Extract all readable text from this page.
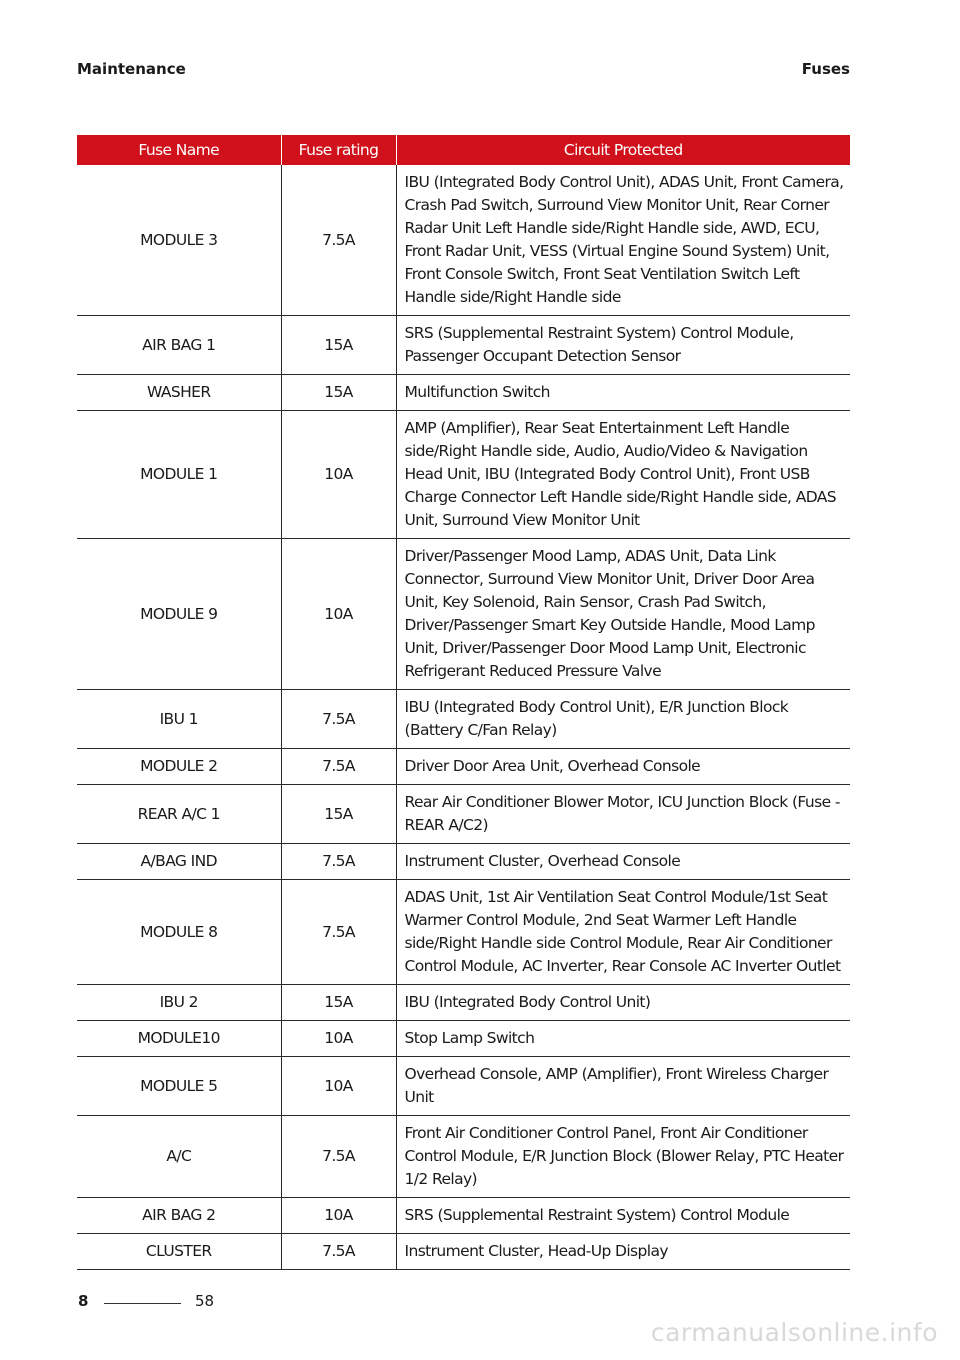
Maintenance	Fuses
Fuse Name	Fuse rating	Circuit Protected
MODULE 3	7.5A	IBU (Integrated Body Control Unit), ADAS Unit, Front Camera, Crash Pad Switch, Surround View Monitor Unit, Rear Corner Radar Unit Left Handle side/Right Handle side, AWD, ECU, Front Radar Unit, VESS (Virtual Engine Sound System) Unit, Front Console Switch, Front Seat Ventilation Switch Left Handle side/Right Handle side
AIR BAG 1	15A	SRS (Supplemental Restraint System) Control Module, Passenger Occupant Detection Sensor
WASHER	15A	Multifunction Switch
MODULE 1	10A	AMP (Amplifier), Rear Seat Entertainment Left Handle side/Right Handle side, Audio, Audio/Video & Navigation Head Unit, IBU (Integrated Body Control Unit), Front USB Charge Connector Left Handle side/Right Handle side, ADAS Unit, Surround View Monitor Unit
MODULE 9	10A	Driver/Passenger Mood Lamp, ADAS Unit, Data Link Connector, Surround View Monitor Unit, Driver Door Area Unit, Key Solenoid, Rain Sensor, Crash Pad Switch, Driver/Passenger Smart Key Outside Handle, Mood Lamp Unit, Driver/Passenger Door Mood Lamp Unit, Electronic Refrigerant Reduced Pressure Valve
IBU 1	7.5A	IBU (Integrated Body Control Unit), E/R Junction Block (Battery C/Fan Relay)
MODULE 2	7.5A	Driver Door Area Unit, Overhead Console
REAR A/C 1	15A	Rear Air Conditioner Blower Motor, ICU Junction Block (Fuse - REAR A/C2)
A/BAG IND	7.5A	Instrument Cluster, Overhead Console
MODULE 8	7.5A	ADAS Unit, 1st Air Ventilation Seat Control Module/1st Seat Warmer Control Module, 2nd Seat Warmer Left Handle side/Right Handle side Control Module, Rear Air Conditioner Control Module, AC Inverter, Rear Console AC Inverter Outlet
IBU 2	15A	IBU (Integrated Body Control Unit)
MODULE10	10A	Stop Lamp Switch
MODULE 5	10A	Overhead Console, AMP (Amplifier), Front Wireless Charger Unit
A/C	7.5A	Front Air Conditioner Control Panel, Front Air Conditioner Control Module, E/R Junction Block (Blower Relay, PTC Heater 1/2 Relay)
AIR BAG 2	10A	SRS (Supplemental Restraint System) Control Module
CLUSTER	7.5A	Instrument Cluster, Head-Up Display
8	58
carmanualsonline.info
